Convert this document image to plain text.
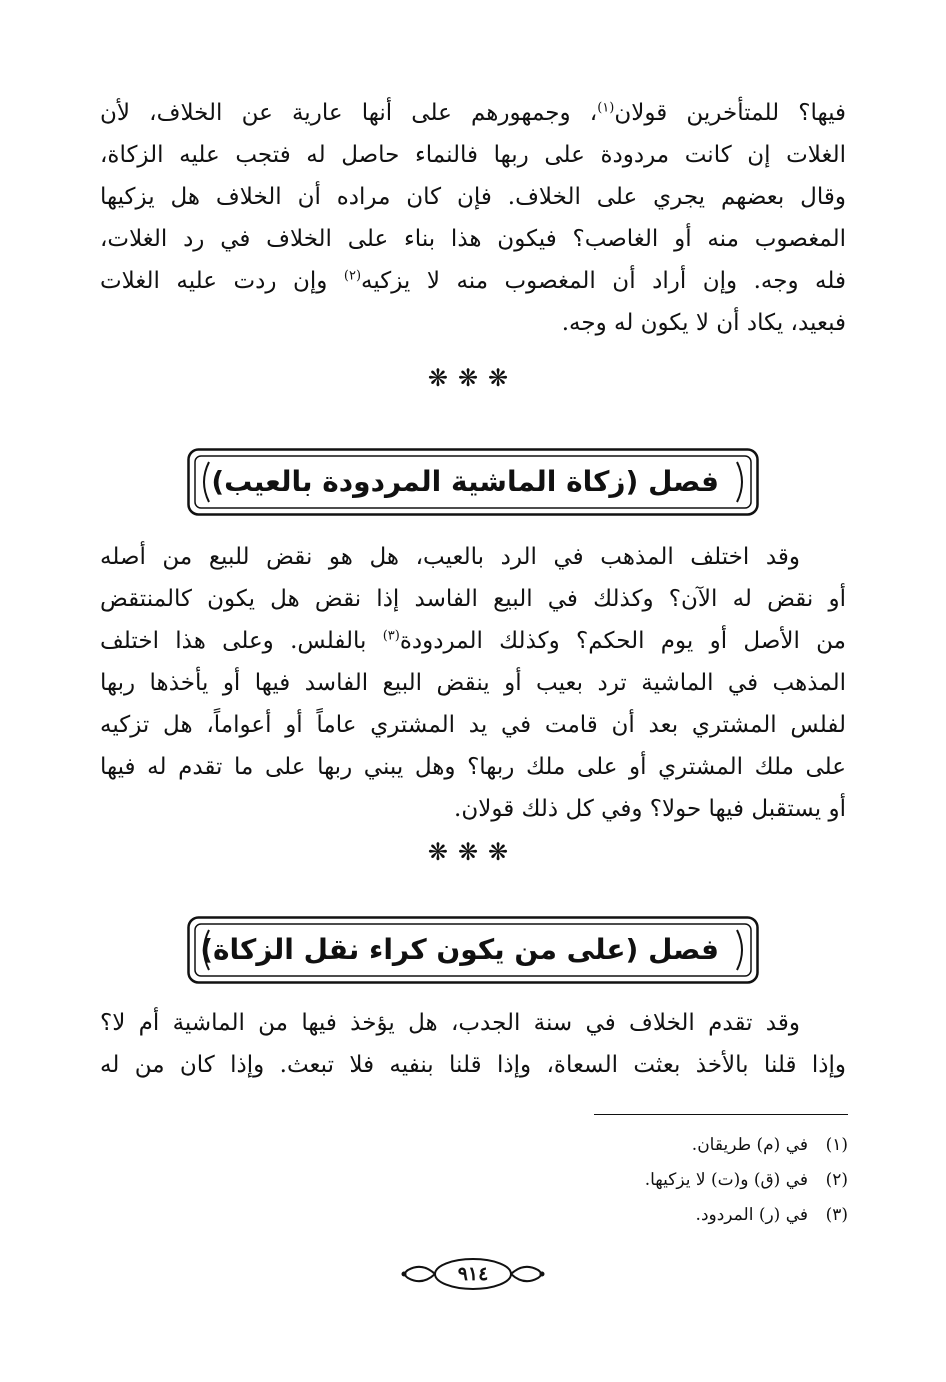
فيها؟ للمتأخرين قولان$^{(١)}$، وجمهورهم على أنها عارية عن الخلاف، لأن
الغلات إن كانت مردودة على ربها فالنماء حاصل له فتجب عليه الزكاة،
وقال بعضهم يجري على الخلاف. فإن كان مراده أن الخلاف هل يزكيها
المغصوب منه أو الغاصب؟ فيكون هذا بناء على الخلاف في رد الغلات،
فله وجه. وإن أراد أن المغصوب منه لا يزكيه$^{(٢)}$ وإن ردت عليه الغلات
فبعيد، يكاد أن لا يكون له وجه.
❋❋❋
فصل (زكاة الماشية المردودة بالعيب)
وقد اختلف المذهب في الرد بالعيب، هل هو نقض للبيع من أصله
أو نقض له الآن؟ وكذلك في البيع الفاسد إذا نقض هل يكون كالمنتقض
من الأصل أو يوم الحكم؟ وكذلك المردودة$^{(٣)}$ بالفلس. وعلى هذا اختلف
المذهب في الماشية ترد بعيب أو ينقض البيع الفاسد فيها أو يأخذها ربها
لفلس المشتري بعد أن قامت في يد المشتري عاماً أو أعواماً، هل تزكيه
على ملك المشتري أو على ملك ربها؟ وهل يبني ربها على ما تقدم له فيها
أو يستقبل فيها حولا؟ وفي كل ذلك قولان.
❋❋❋
فصل (على من يكون كراء نقل الزكاة)
وقد تقدم الخلاف في سنة الجدب، هل يؤخذ فيها من الماشية أم لا؟
وإذا قلنا بالأخذ بعثت السعاة، وإذا قلنا بنفيه فلا تبعث. وإذا كان من له
(١)في (م) طريقان.
(٢)في (ق) و(ت) لا يزكيها.
(٣)في (ر) المردود.
٩١٤
